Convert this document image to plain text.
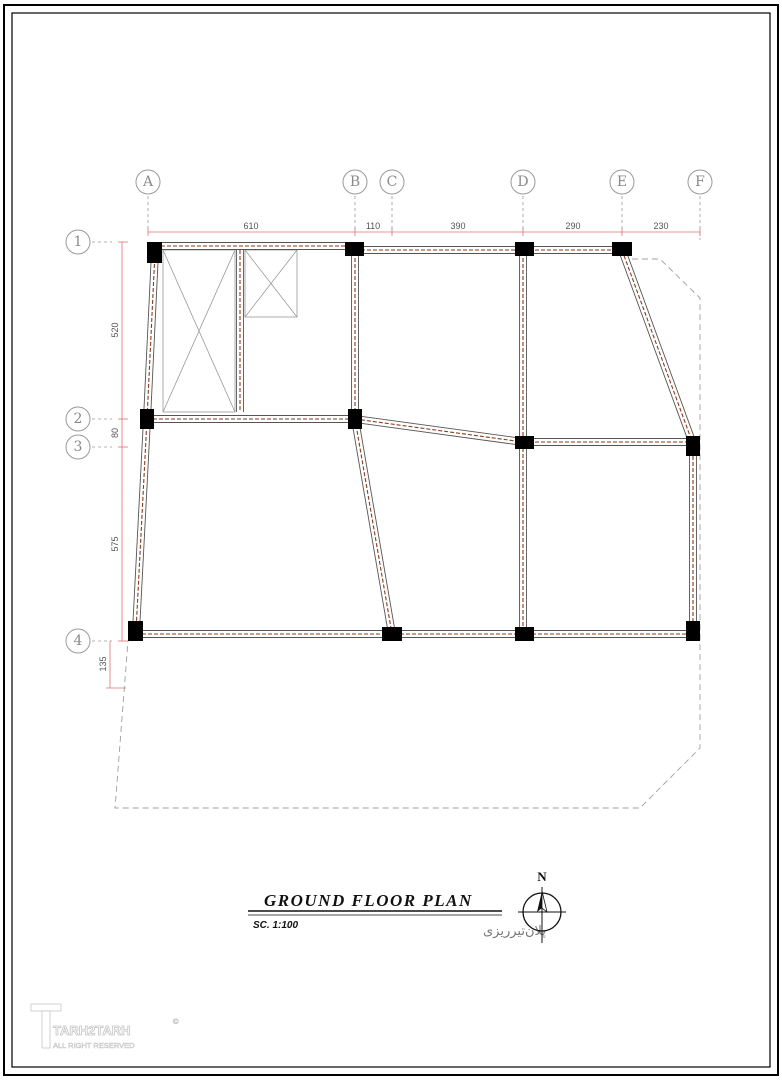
A	B C	D	E	F
1
2
3
4
610	110	390	290	230
520
80
575
135
GROUND FLOOR PLAN
SC. 1:100	پلان‌تیرریزی
N
TARH2TARH
©
ALL RIGHT RESERVED
